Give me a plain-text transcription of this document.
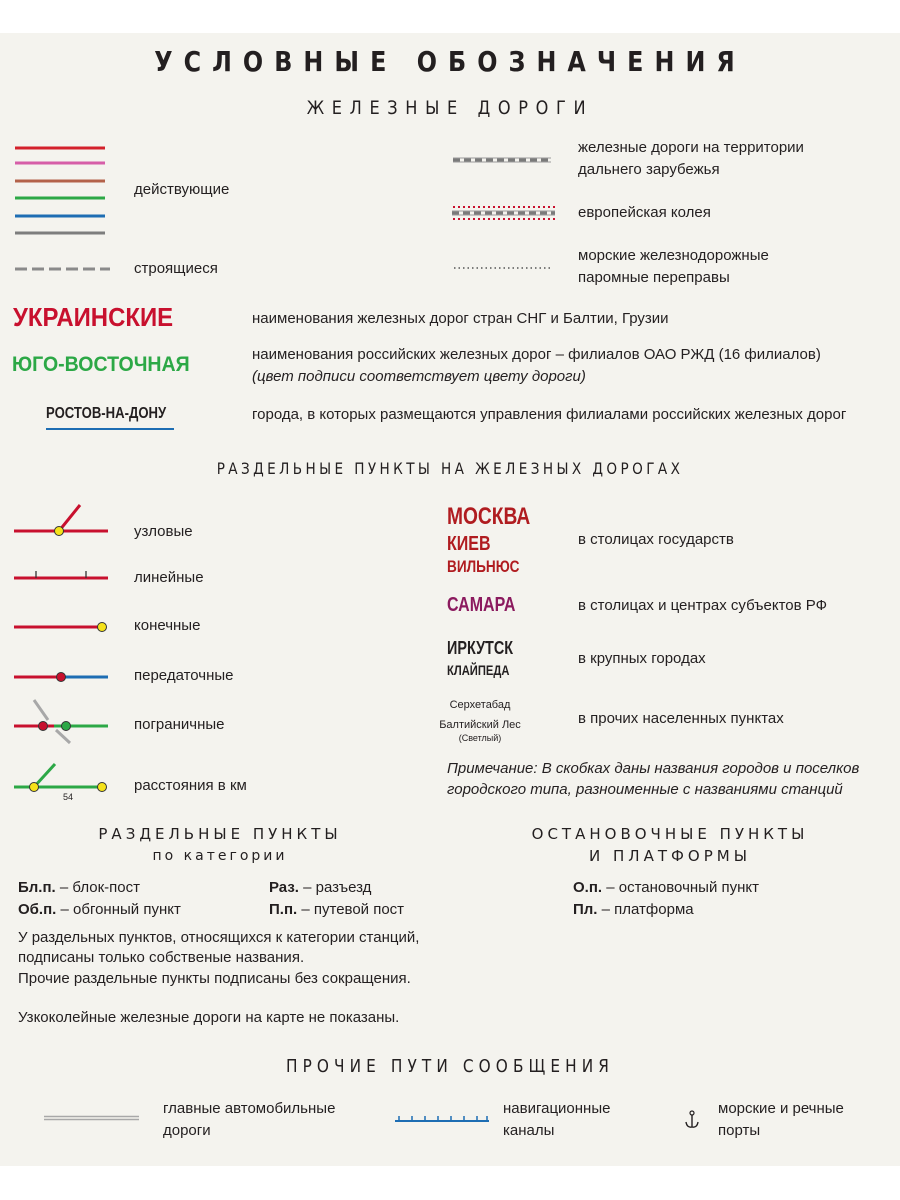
УСЛОВНЫЕ ОБОЗНАЧЕНИЯ
ЖЕЛЕЗНЫЕ ДОРОГИ
действующие
строящиеся
железные дороги на территории
дальнего зарубежья
европейская колея
морские железнодорожные
паромные переправы
УКРАИНСКИЕ	наименования железных дорог стран СНГ и Балтии, Грузии
ЮГО-ВОСТОЧНАЯ	наименования российских железных дорог – филиалов ОАО РЖД (16 филиалов)
(цвет подписи соответствует цвету дороги)
РОСТОВ-НА-ДОНУ	города, в которых размещаются управления филиалами российских железных дорог
РАЗДЕЛЬНЫЕ ПУНКТЫ НА ЖЕЛЕЗНЫХ ДОРОГАХ
узловые
линейные
конечные
передаточные
пограничные
54
расстояния в км
МОСКВА
КИЕВ
ВИЛЬНЮС
в столицах государств
САМАРА	в столицах и центрах субъектов РФ
ИРКУТСК
КЛАЙПЕДА
в крупных городах
Серхетабад
Балтийский Лес
(Светлый)
в прочих населенных пунктах
Примечание: В скобках даны названия городов и поселков
городского типа, разноименные с названиями станций
РАЗДЕЛЬНЫЕ ПУНКТЫ
по категории
Бл.п. – блок-пост
Об.п. – обгонный пункт
Раз. – разъезд
П.п. – путевой пост
У раздельных пунктов, относящихся к категории станций,
подписаны только собствeные названия.
Прочие раздельные пункты подписаны без сокращения.
Узкоколейные железные дороги на карте не показаны.
ОСТАНОВОЧНЫЕ ПУНКТЫ
И ПЛАТФОРМЫ
О.п. – остановочный пункт
Пл. – платформа
ПРОЧИЕ ПУТИ СООБЩЕНИЯ
главные автомобильные
дороги
навигационные
каналы
морские и речные
порты
